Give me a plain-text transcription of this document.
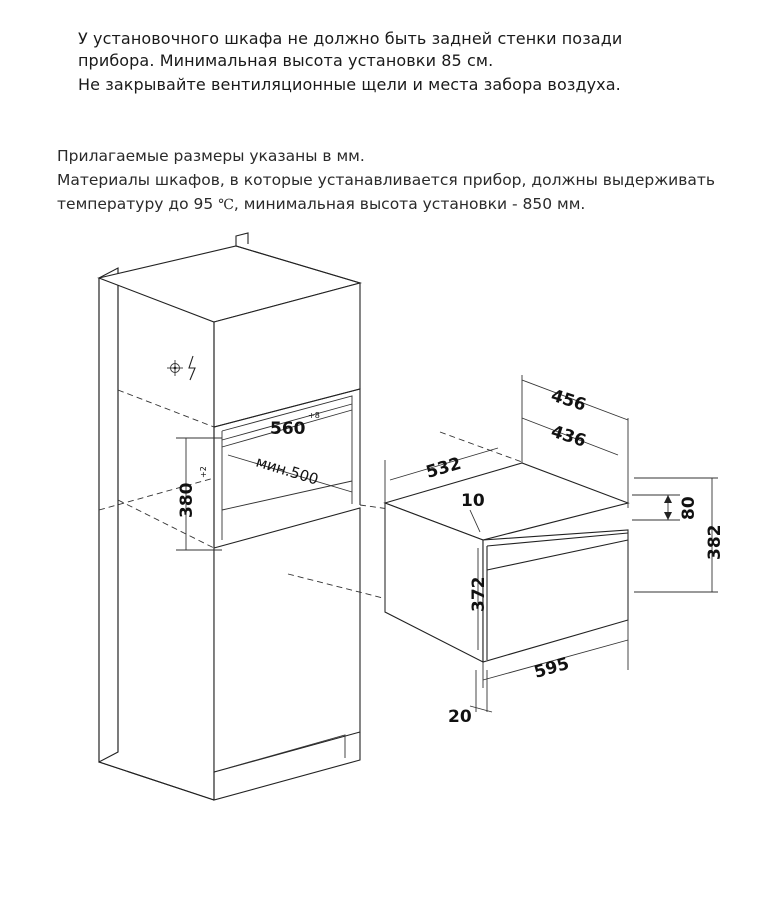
У установочного шкафа не должно быть задней стенки позади

прибора. Минимальная высота установки 85 см.

Не закрывайте вентиляционные щели и места забора воздуха.

Прилагаемые размеры указаны в мм.

Материалы шкафов, в которые устанавливается прибор, должны выдерживать

температуру до 95 ℃, минимальная высота установки - 850 мм.

560
+8
мин.500
380
+2
456
436
532
10	80
382
372
595
20
